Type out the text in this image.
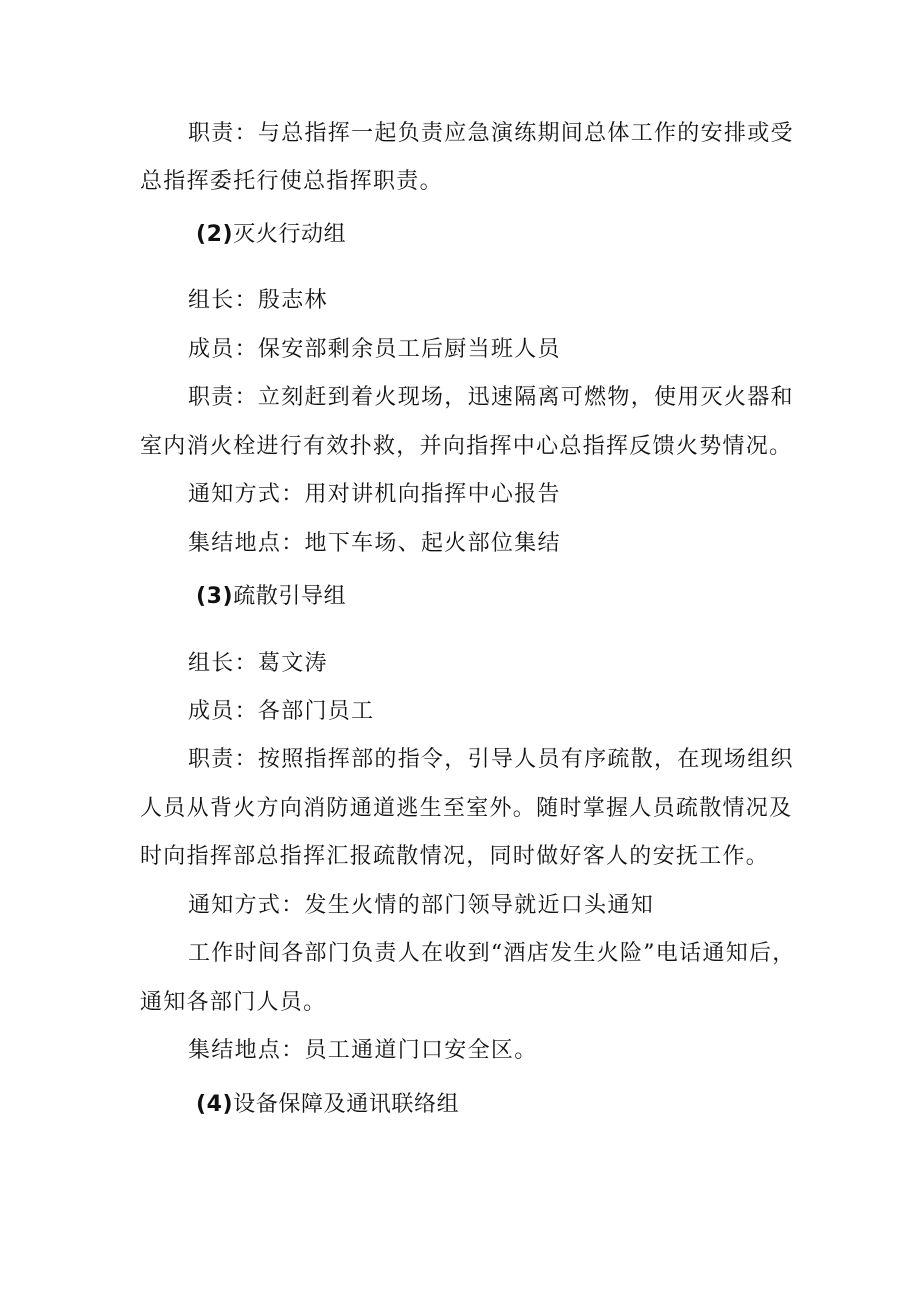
职责：与总指挥一起负责应急演练期间总体工作的安排或受
总指挥委托行使总指挥职责。
(2)灭火行动组
组长：殷志林
成员：保安部剩余员工后厨当班人员
职责：立刻赶到着火现场，迅速隔离可燃物，使用灭火器和
室内消火栓进行有效扑救，并向指挥中心总指挥反馈火势情况。
通知方式：用对讲机向指挥中心报告
集结地点：地下车场、起火部位集结
(3)疏散引导组
组长：葛文涛
成员：各部门员工
职责：按照指挥部的指令，引导人员有序疏散，在现场组织
人员从背火方向消防通道逃生至室外。随时掌握人员疏散情况及
时向指挥部总指挥汇报疏散情况，同时做好客人的安抚工作。
通知方式：发生火情的部门领导就近口头通知
工作时间各部门负责人在收到“酒店发生火险”电话通知后，
通知各部门人员。
集结地点：员工通道门口安全区。
(4)设备保障及通讯联络组
